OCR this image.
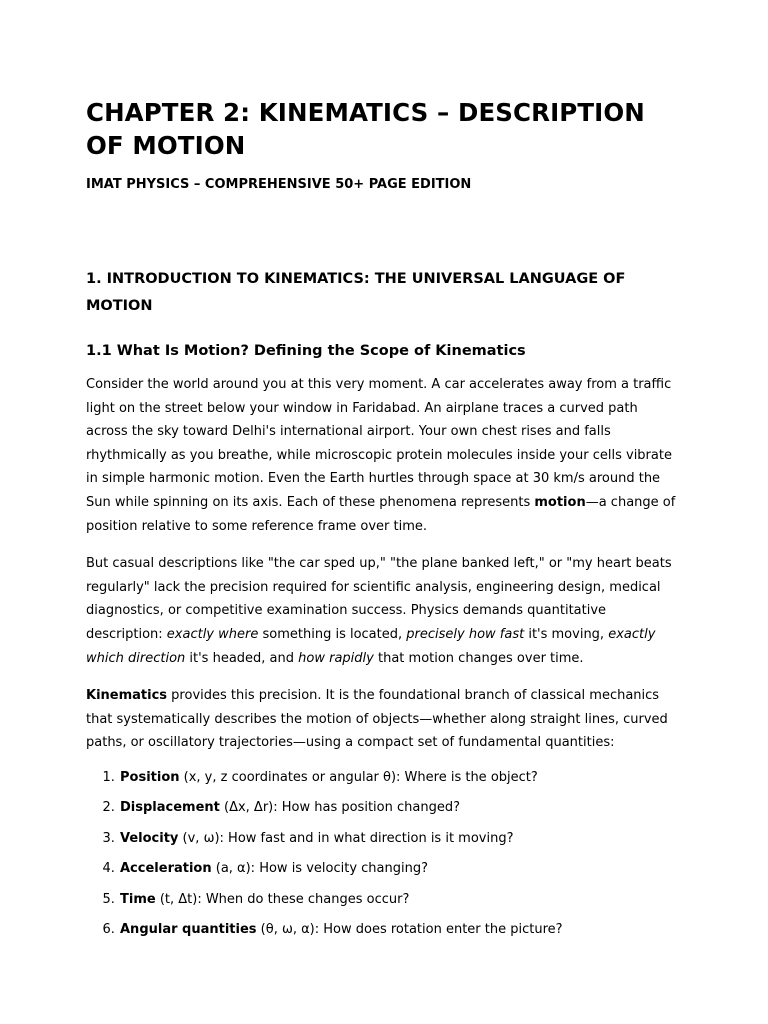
CHAPTER 2: KINEMATICS – DESCRIPTION OF MOTION
IMAT PHYSICS – COMPREHENSIVE 50+ PAGE EDITION
1. INTRODUCTION TO KINEMATICS: THE UNIVERSAL LANGUAGE OF MOTION
1.1 What Is Motion? Defining the Scope of Kinematics

Consider the world around you at this very moment. A car accelerates away from a traffic light on the street below your window in Faridabad. An airplane traces a curved path across the sky toward Delhi's international airport. Your own chest rises and falls rhythmically as you breathe, while microscopic protein molecules inside your cells vibrate in simple harmonic motion. Even the Earth hurtles through space at 30 km/s around the Sun while spinning on its axis. Each of these phenomena represents motion—a change of position relative to some reference frame over time.

But casual descriptions like "the car sped up," "the plane banked left," or "my heart beats regularly" lack the precision required for scientific analysis, engineering design, medical diagnostics, or competitive examination success. Physics demands quantitative description: exactly where something is located, precisely how fast it's moving, exactly which direction it's headed, and how rapidly that motion changes over time.

Kinematics provides this precision. It is the foundational branch of classical mechanics that systematically describes the motion of objects—whether along straight lines, curved paths, or oscillatory trajectories—using a compact set of fundamental quantities:

1. Position (x, y, z coordinates or angular θ): Where is the object?
2. Displacement (Δx, Δr): How has position changed?
3. Velocity (v, ω): How fast and in what direction is it moving?
4. Acceleration (a, α): How is velocity changing?
5. Time (t, Δt): When do these changes occur?
6. Angular quantities (θ, ω, α): How does rotation enter the picture?
